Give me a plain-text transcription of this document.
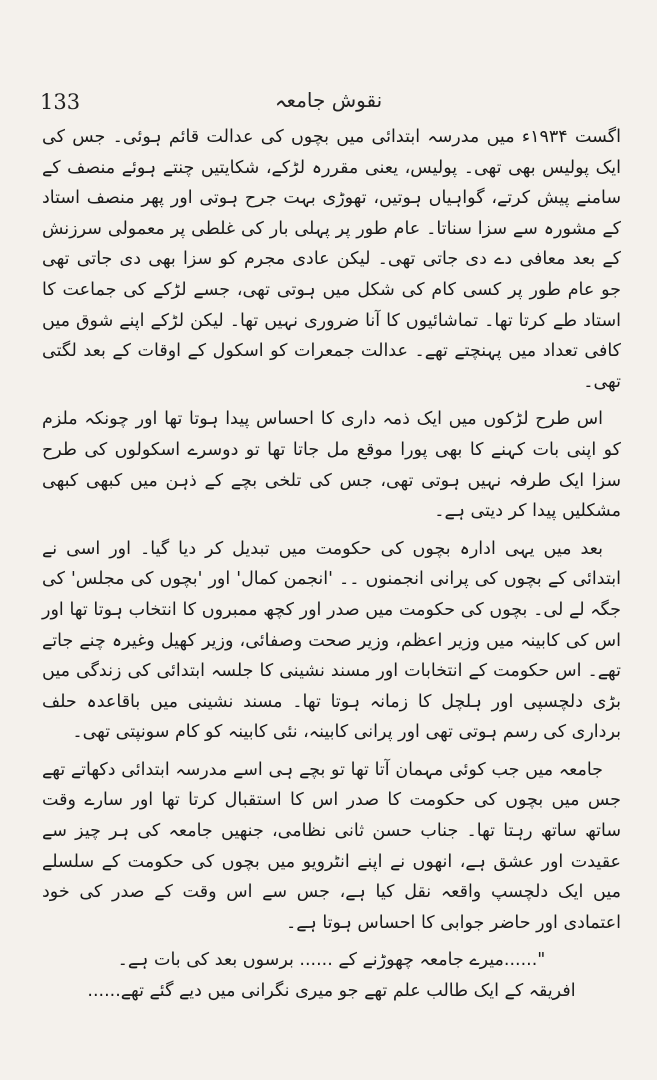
133	نقوش جامعہ

اگست ۱۹۳۴ء میں مدرسہ ابتدائی میں بچوں کی عدالت قائم ہوئی۔ جس کی ایک پولیس بھی تھی۔ پولیس، یعنی مقررہ لڑکے، شکایتیں چنتے ہوئے منصف کے سامنے پیش کرتے، گواہیاں ہوتیں، تھوڑی بہت جرح ہوتی اور پھر منصف استاد کے مشورہ سے سزا سناتا۔ عام طور پر پہلی بار کی غلطی پر معمولی سرزنش کے بعد معافی دے دی جاتی تھی۔ لیکن عادی مجرم کو سزا بھی دی جاتی تھی جو عام طور پر کسی کام کی شکل میں ہوتی تھی، جسے لڑکے کی جماعت کا استاد طے کرتا تھا۔ تماشائیوں کا آنا ضروری نہیں تھا۔ لیکن لڑکے اپنے شوق میں کافی تعداد میں پہنچتے تھے۔ عدالت جمعرات کو اسکول کے اوقات کے بعد لگتی تھی۔

اس طرح لڑکوں میں ایک ذمہ داری کا احساس پیدا ہوتا تھا اور چونکہ ملزم کو اپنی بات کہنے کا بھی پورا موقع مل جاتا تھا تو دوسرے اسکولوں کی طرح سزا ایک طرفہ نہیں ہوتی تھی، جس کی تلخی بچے کے ذہن میں کبھی کبھی مشکلیں پیدا کر دیتی ہے۔

بعد میں یہی ادارہ بچوں کی حکومت میں تبدیل کر دیا گیا۔ اور اسی نے ابتدائی کے بچوں کی پرانی انجمنوں ۔۔ 'انجمن کمال' اور 'بچوں کی مجلس' کی جگہ لے لی۔ بچوں کی حکومت میں صدر اور کچھ ممبروں کا انتخاب ہوتا تھا اور اس کی کابینہ میں وزیر اعظم، وزیر صحت وصفائی، وزیر کھیل وغیرہ چنے جاتے تھے۔ اس حکومت کے انتخابات اور مسند نشینی کا جلسہ ابتدائی کی زندگی میں بڑی دلچسپی اور ہلچل کا زمانہ ہوتا تھا۔ مسند نشینی میں باقاعدہ حلف برداری کی رسم ہوتی تھی اور پرانی کابینہ، نئی کابینہ کو کام سونپتی تھی۔

جامعہ میں جب کوئی مہمان آتا تھا تو بچے ہی اسے مدرسہ ابتدائی دکھاتے تھے جس میں بچوں کی حکومت کا صدر اس کا استقبال کرتا تھا اور سارے وقت ساتھ ساتھ رہتا تھا۔ جناب حسن ثانی نظامی، جنھیں جامعہ کی ہر چیز سے عقیدت اور عشق ہے، انھوں نے اپنے انٹرویو میں بچوں کی حکومت کے سلسلے میں ایک دلچسپ واقعہ نقل کیا ہے، جس سے اس وقت کے صدر کی خود اعتمادی اور حاضر جوابی کا احساس ہوتا ہے۔

"......میرے جامعہ چھوڑنے کے ...... برسوں بعد کی بات ہے۔
افریقہ کے ایک طالب علم تھے جو میری نگرانی میں دیے گئے تھے......
